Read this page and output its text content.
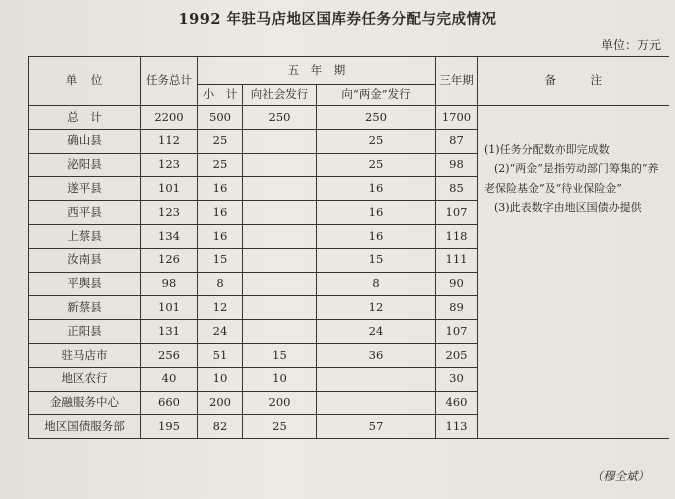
1992 年驻马店地区国库券任务分配与完成情况
单位：万元
单　位	任务总计	五　年　期			三年期	备　　　注
		小　计	向社会发行	向“两金”发行		
总　计	2200	500	250	250	1700	(1)任务分配数亦即完成数
(2)“两金”是指劳动部门筹集的“养老保险基金”及“待业保险金”
(3)此表数字由地区国债办提供

确山县	112	25		25	87	
泌阳县	123	25		25	98	
遂平县	101	16		16	85	
西平县	123	16		16	107	
上蔡县	134	16		16	118	
汝南县	126	15		15	111	
平舆县	98	8		8	90	
新蔡县	101	12		12	89	
正阳县	131	24		24	107	
驻马店市	256	51	15	36	205	
地区农行	40	10	10		30	
金融服务中心	660	200	200		460	
地区国债服务部	195	82	25	57	113	
（穆全斌）
